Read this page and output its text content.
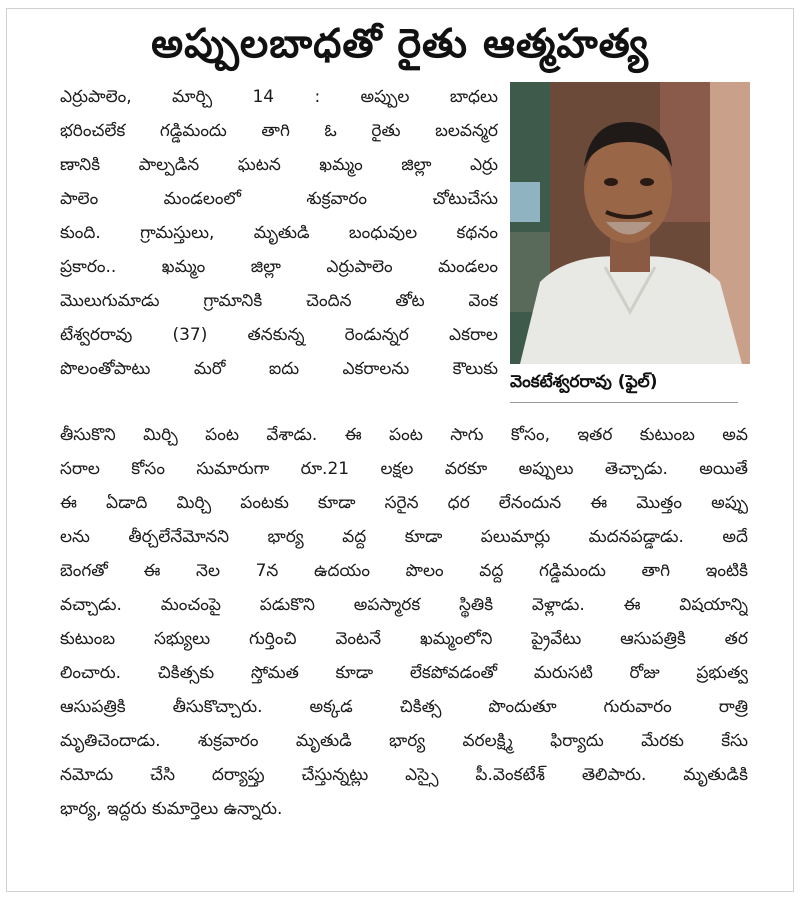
అప్పులబాధతో రైతు ఆత్మహత్య
వెంకటేశ్వరరావు (ఫైల్)
ఎర్రుపాలెం, మార్చి 14 : అప్పుల బాధలు
భరించలేక గడ్డిమందు తాగి ఓ రైతు బలవన్మర
ణానికి పాల్పడిన ఘటన ఖమ్మం జిల్లా ఎర్రు
పాలెం మండలంలో శుక్రవారం చోటుచేసు
కుంది. గ్రామస్తులు, మృతుడి బంధువుల కథనం
ప్రకారం.. ఖమ్మం జిల్లా ఎర్రుపాలెం మండలం
మొలుగుమాడు గ్రామానికి చెందిన తోట వెంక
టేశ్వరరావు (37) తనకున్న రెండున్నర ఎకరాల
పొలంతోపాటు మరో ఐదు ఎకరాలను కౌలుకు
తీసుకొని మిర్చి పంట వేశాడు. ఈ పంట సాగు కోసం, ఇతర కుటుంబ అవ
సరాల కోసం సుమారుగా రూ.21 లక్షల వరకూ అప్పులు తెచ్చాడు. అయితే
ఈ ఏడాది మిర్చి పంటకు కూడా సరైన ధర లేనందున ఈ మొత్తం అప్పు
లను తీర్చలేనేమోనని భార్య వద్ద కూడా పలుమార్లు మదనపడ్డాడు. అదే
బెంగతో ఈ నెల 7న ఉదయం పొలం వద్ద గడ్డిమందు తాగి ఇంటికి
వచ్చాడు. మంచంపై పడుకొని అపస్మారక స్థితికి వెళ్లాడు. ఈ విషయాన్ని
కుటుంబ సభ్యులు గుర్తించి వెంటనే ఖమ్మంలోని ప్రైవేటు ఆసుపత్రికి తర
లించారు. చికిత్సకు స్తోమత కూడా లేకపోవడంతో మరుసటి రోజు ప్రభుత్వ
ఆసుపత్రికి తీసుకొచ్చారు. అక్కడ చికిత్స పొందుతూ గురువారం రాత్రి
మృతిచెందాడు. శుక్రవారం మృతుడి భార్య వరలక్ష్మి ఫిర్యాదు మేరకు కేసు
నమోదు చేసి దర్యాప్తు చేస్తున్నట్లు ఎస్సై పీ.వెంకటేశ్ తెలిపారు. మృతుడికి
భార్య, ఇద్దరు కుమార్తెలు ఉన్నారు.
